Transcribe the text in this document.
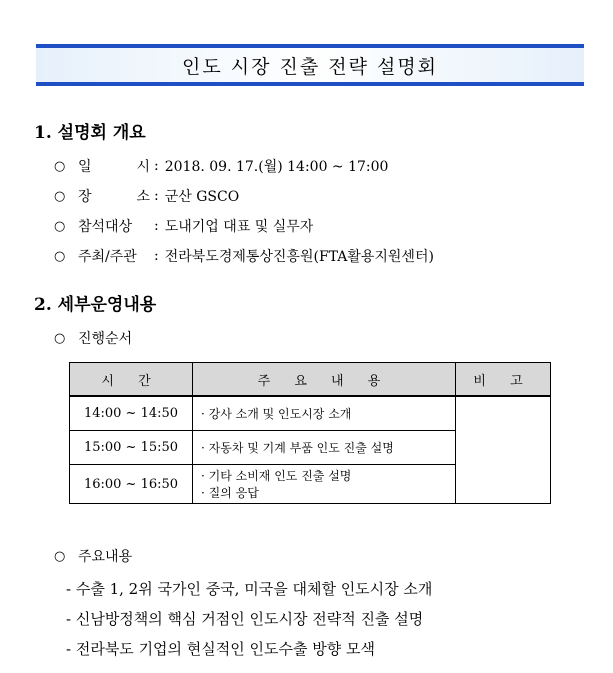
인도 시장 진출 전략 설명회
1. 설명회 개요
○ 일	시 : 2018. 09. 17.(월) 14:00 ~ 17:00
○ 장	소 : 군산 GSCO
○ 참석대상	: 도내기업 대표 및 실무자
○ 주최/주관	: 전라북도경제통상진흥원(FTA활용지원센터)
2. 세부운영내용
○ 진행순서
시 간	주 요 내 용	비 고
14:00 ~ 14:50	· 강사 소개 및 인도시장 소개	
15:00 ~ 15:50	· 자동차 및 기계 부품 인도 진출 설명	
16:00 ~ 16:50	· 기타 소비재 인도 진출 설명
· 질의 응답	
○ 주요내용
- 수출 1, 2위 국가인 중국, 미국을 대체할 인도시장 소개
- 신남방정책의 핵심 거점인 인도시장 전략적 진출 설명
- 전라북도 기업의 현실적인 인도수출 방향 모색
